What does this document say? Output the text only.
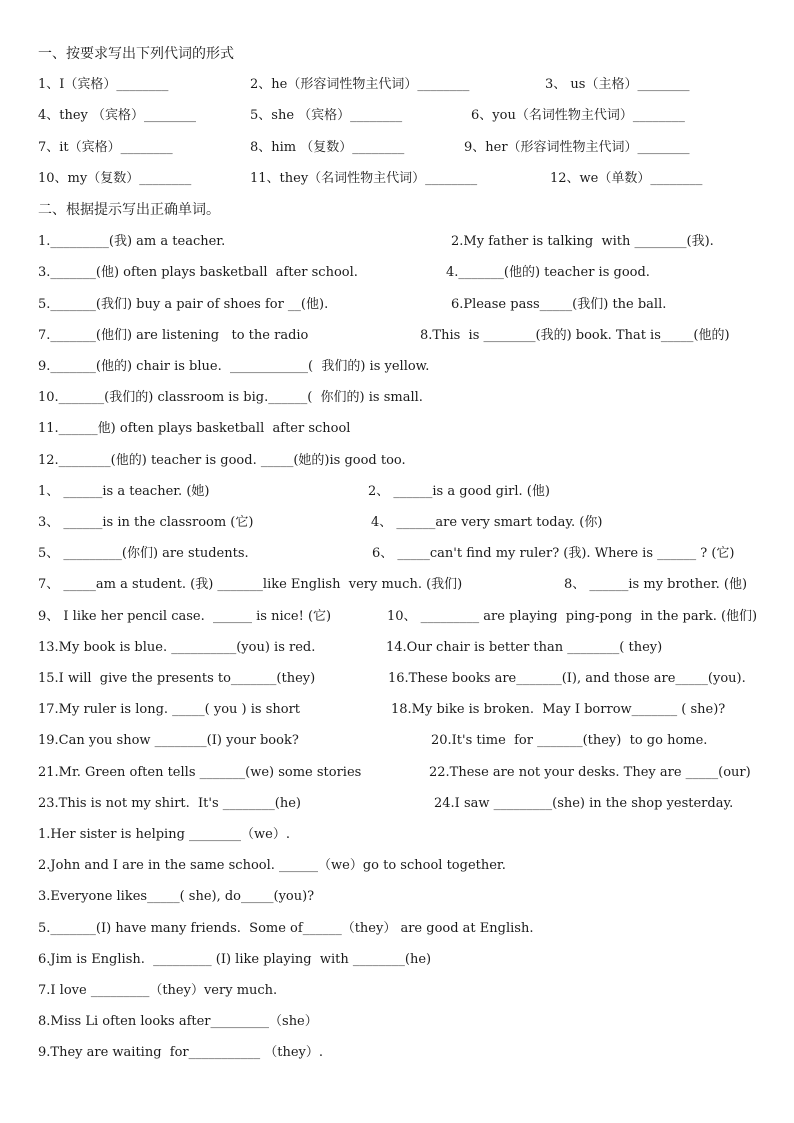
一、按要求写出下列代词的形式
1、I（宾格）________	2、he（形容词性物主代词）________	3、 us（主格）________
4、they （宾格）________	5、she （宾格）________	6、you（名词性物主代词）________
7、it（宾格）________	8、him （复数）________	9、her（形容词性物主代词）________
10、my（复数）________	11、they（名词性物主代词）________	12、we（单数）________
二、根据提示写出正确单词。
1._________(我) am a teacher.	2.My father is talking  with ________(我).
3._______(他) often plays basketball  after school.	4._______(他的) teacher is good.
5._______(我们) buy a pair of shoes for __(他).	6.Please pass_____(我们) the ball.
7._______(他们) are listening   to the radio	8.This  is ________(我的) book. That is_____(他的)
9._______(他的) chair is blue.  ____________(  我们的) is yellow.
10._______(我们的) classroom is big.______(  你们的) is small.
11.______他) often plays basketball  after school
12.________(他的) teacher is good. _____(她的)is good too.
1、 ______is a teacher. (她)	2、 ______is a good girl. (他)
3、 ______is in the classroom (它)	4、 ______are very smart today. (你)
5、 _________(你们) are students.	6、 _____can't find my ruler? (我). Where is ______ ? (它)
7、 _____am a student. (我) _______like English  very much. (我们)	8、 ______is my brother. (他)
9、 I like her pencil case.  ______ is nice! (它)	10、 _________ are playing  ping-pong  in the park. (他们)
13.My book is blue. __________(you) is red.	14.Our chair is better than ________( they)
15.I will  give the presents to_______(they)	16.These books are_______(I), and those are_____(you).
17.My ruler is long. _____( you ) is short	18.My bike is broken.  May I borrow_______ ( she)?
19.Can you show ________(I) your book?	20.It's time  for _______(they)  to go home.
21.Mr. Green often tells _______(we) some stories	22.These are not your desks. They are _____(our)
23.This is not my shirt.  It's ________(he)	24.I saw _________(she) in the shop yesterday.
1.Her sister is helping ________（we）.
2.John and I are in the same school. ______（we）go to school together.
3.Everyone likes_____( she), do_____(you)?
5._______(I) have many friends.  Some of______（they） are good at English.
6.Jim is English.  _________ (I) like playing  with ________(he)
7.I love _________（they）very much.
8.Miss Li often looks after_________（she）
9.They are waiting  for___________ （they）.
